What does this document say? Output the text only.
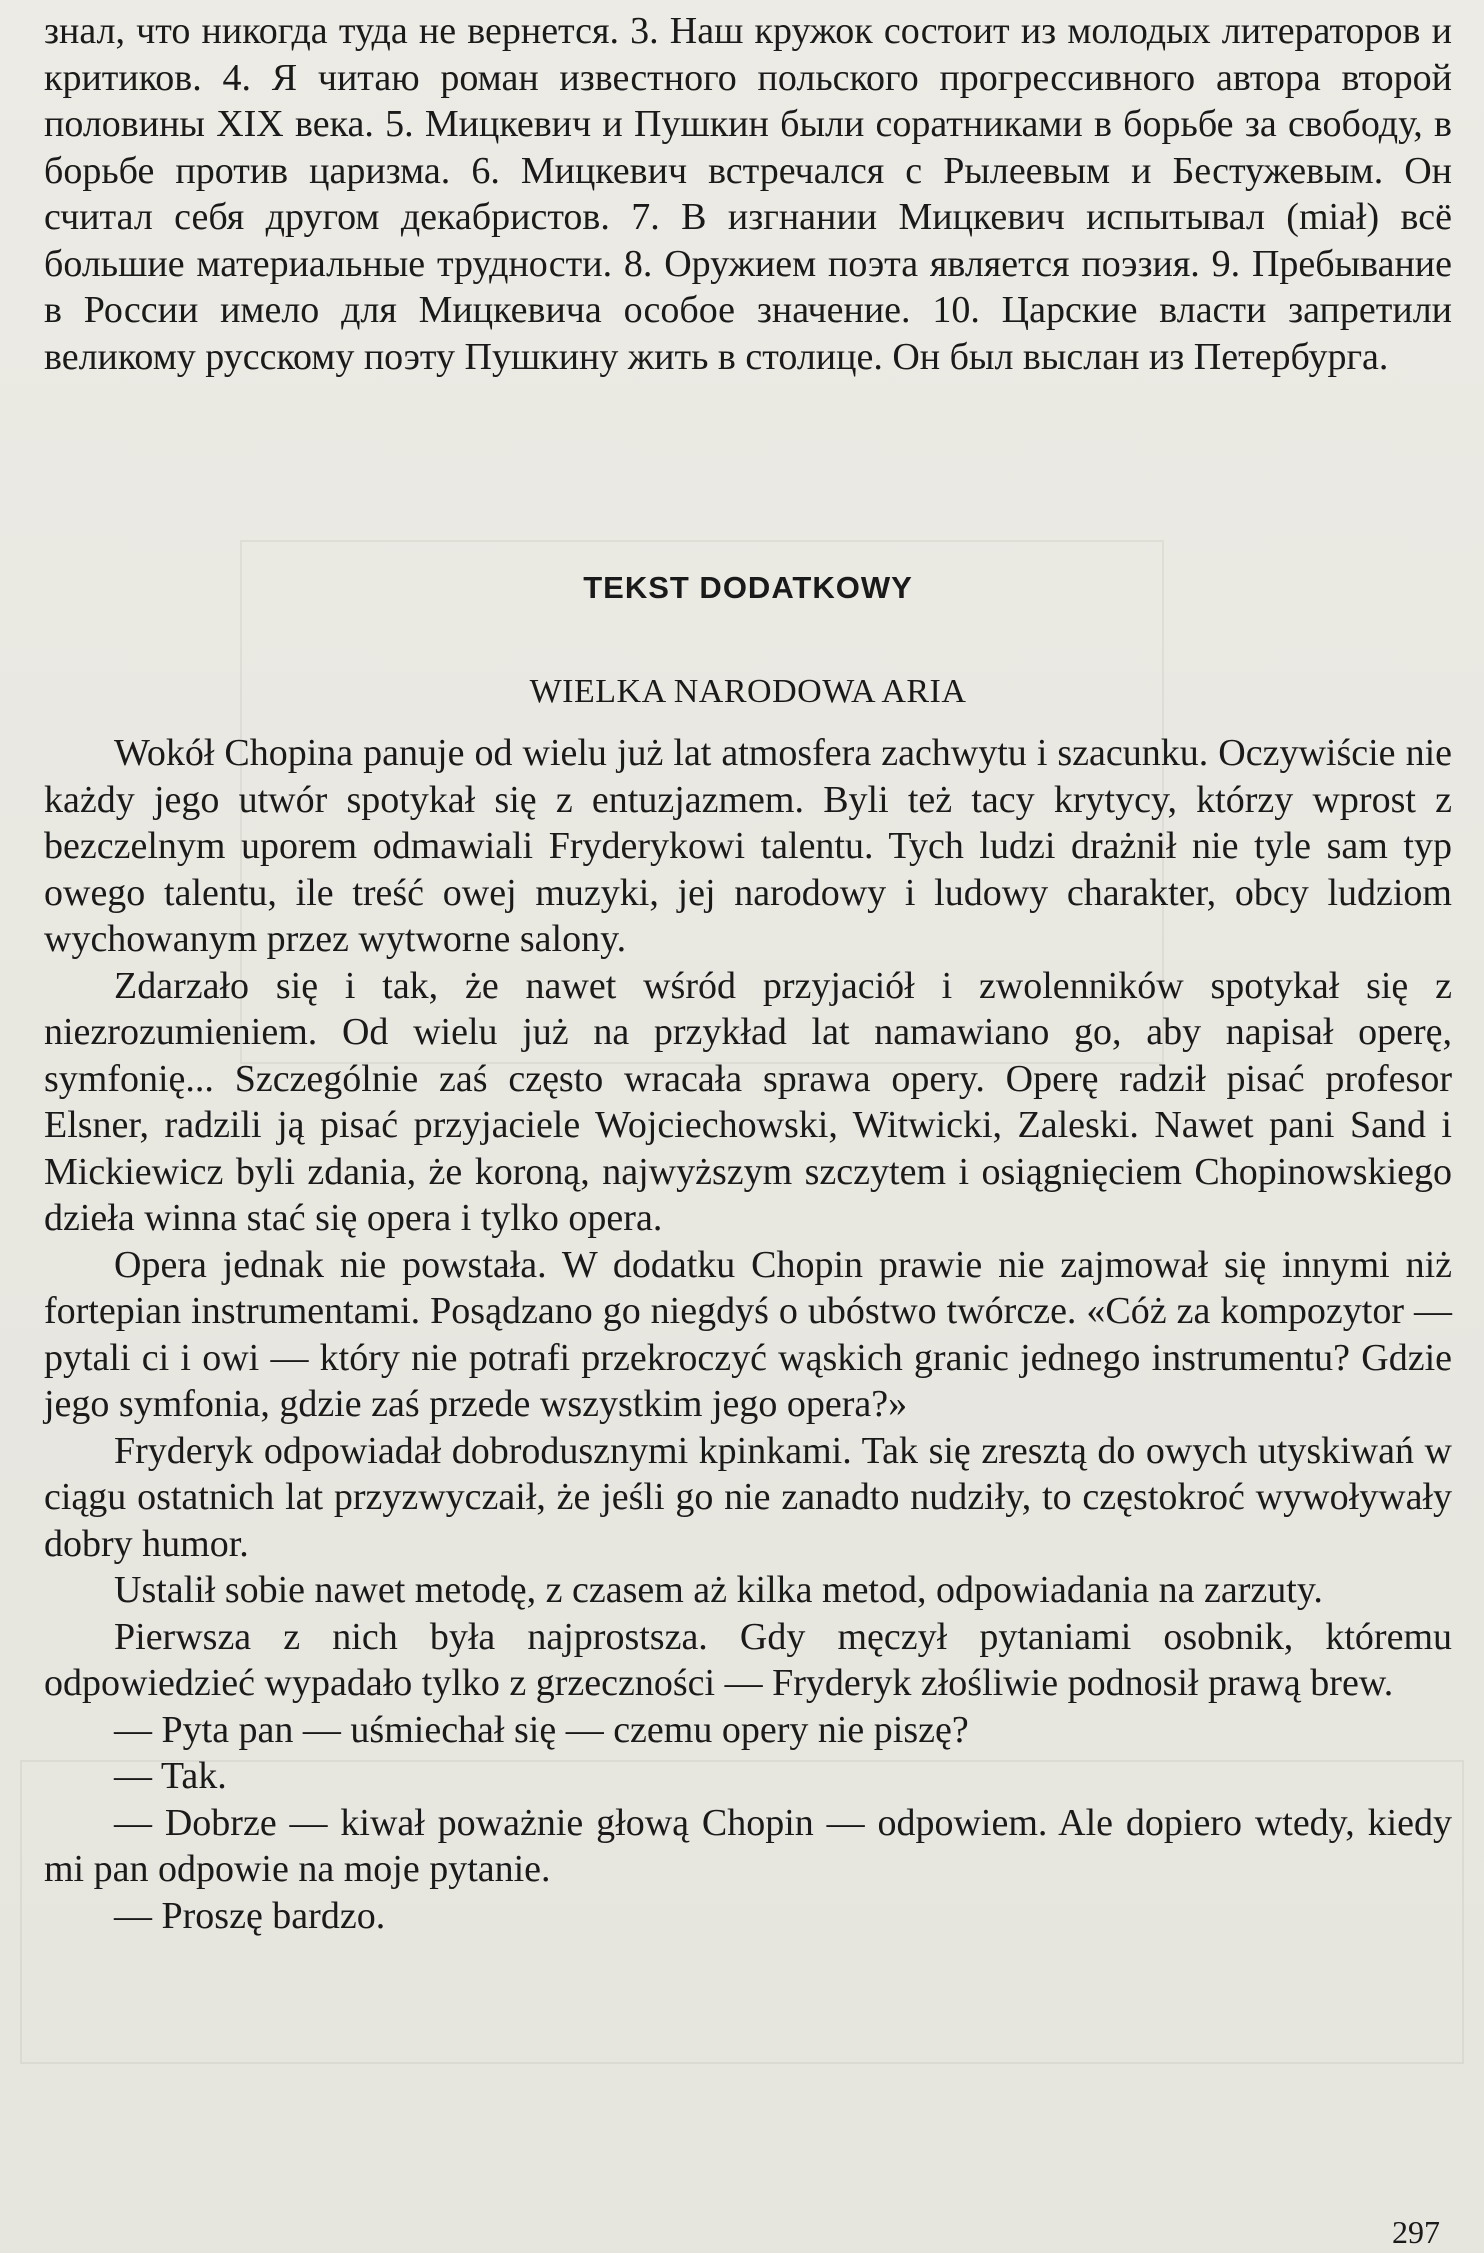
знал, что никогда туда не вернется. 3. Наш кружок состоит из молодых литераторов и критиков. 4. Я читаю роман известного польского прогрессивного автора второй половины XIX века. 5. Мицкевич и Пушкин были соратниками в борьбе за свободу, в борьбе против царизма. 6. Мицкевич встречался с Рылеевым и Бестужевым. Он считал себя другом декабристов. 7. В изгнании Мицкевич испытывал (miał) всё большие материальные трудности. 8. Оружием поэта является поэзия. 9. Пребывание в России имело для Мицкевича особое значение. 10. Царские власти запретили великому русскому поэту Пушкину жить в столице. Он был выслан из Петербурга.

TEKST DODATKOWY
WIELKA NARODOWA ARIA

Wokół Chopina panuje od wielu już lat atmosfera zachwytu i szacunku. Oczywiście nie każdy jego utwór spotykał się z entuzjazmem. Byli też tacy krytycy, którzy wprost z bezczelnym uporem odmawiali Fryderykowi talentu. Tych ludzi drażnił nie tyle sam typ owego talentu, ile treść owej muzyki, jej narodowy i ludowy charakter, obcy ludziom wychowanym przez wytworne salony.

Zdarzało się i tak, że nawet wśród przyjaciół i zwolenników spotykał się z niezrozumieniem. Od wielu już na przykład lat namawiano go, aby napisał operę, symfonię... Szczególnie zaś często wracała sprawa opery. Operę radził pisać profesor Elsner, radzili ją pisać przyjaciele Wojciechowski, Witwicki, Zaleski. Nawet pani Sand i Mickiewicz byli zdania, że koroną, najwyższym szczytem i osiągnięciem Chopinowskiego dzieła winna stać się opera i tylko opera.

Opera jednak nie powstała. W dodatku Chopin prawie nie zajmował się innymi niż fortepian instrumentami. Posądzano go niegdyś o ubóstwo twórcze. «Cóż za kompozytor — pytali ci i owi — który nie potrafi przekroczyć wąskich granic jednego instrumentu? Gdzie jego symfonia, gdzie zaś przede wszystkim jego opera?»

Fryderyk odpowiadał dobrodusznymi kpinkami. Tak się zresztą do owych utyskiwań w ciągu ostatnich lat przyzwyczaił, że jeśli go nie zanadto nudziły, to częstokroć wywoływały dobry humor.

Ustalił sobie nawet metodę, z czasem aż kilka metod, odpowiadania na zarzuty.

Pierwsza z nich była najprostsza. Gdy męczył pytaniami osobnik, któremu odpowiedzieć wypadało tylko z grzeczności — Fryderyk złośliwie podnosił prawą brew.

— Pyta pan — uśmiechał się — czemu opery nie piszę?

— Tak.

— Dobrze — kiwał poważnie głową Chopin — odpowiem. Ale dopiero wtedy, kiedy mi pan odpowie na moje pytanie.

— Proszę bardzo.

297
